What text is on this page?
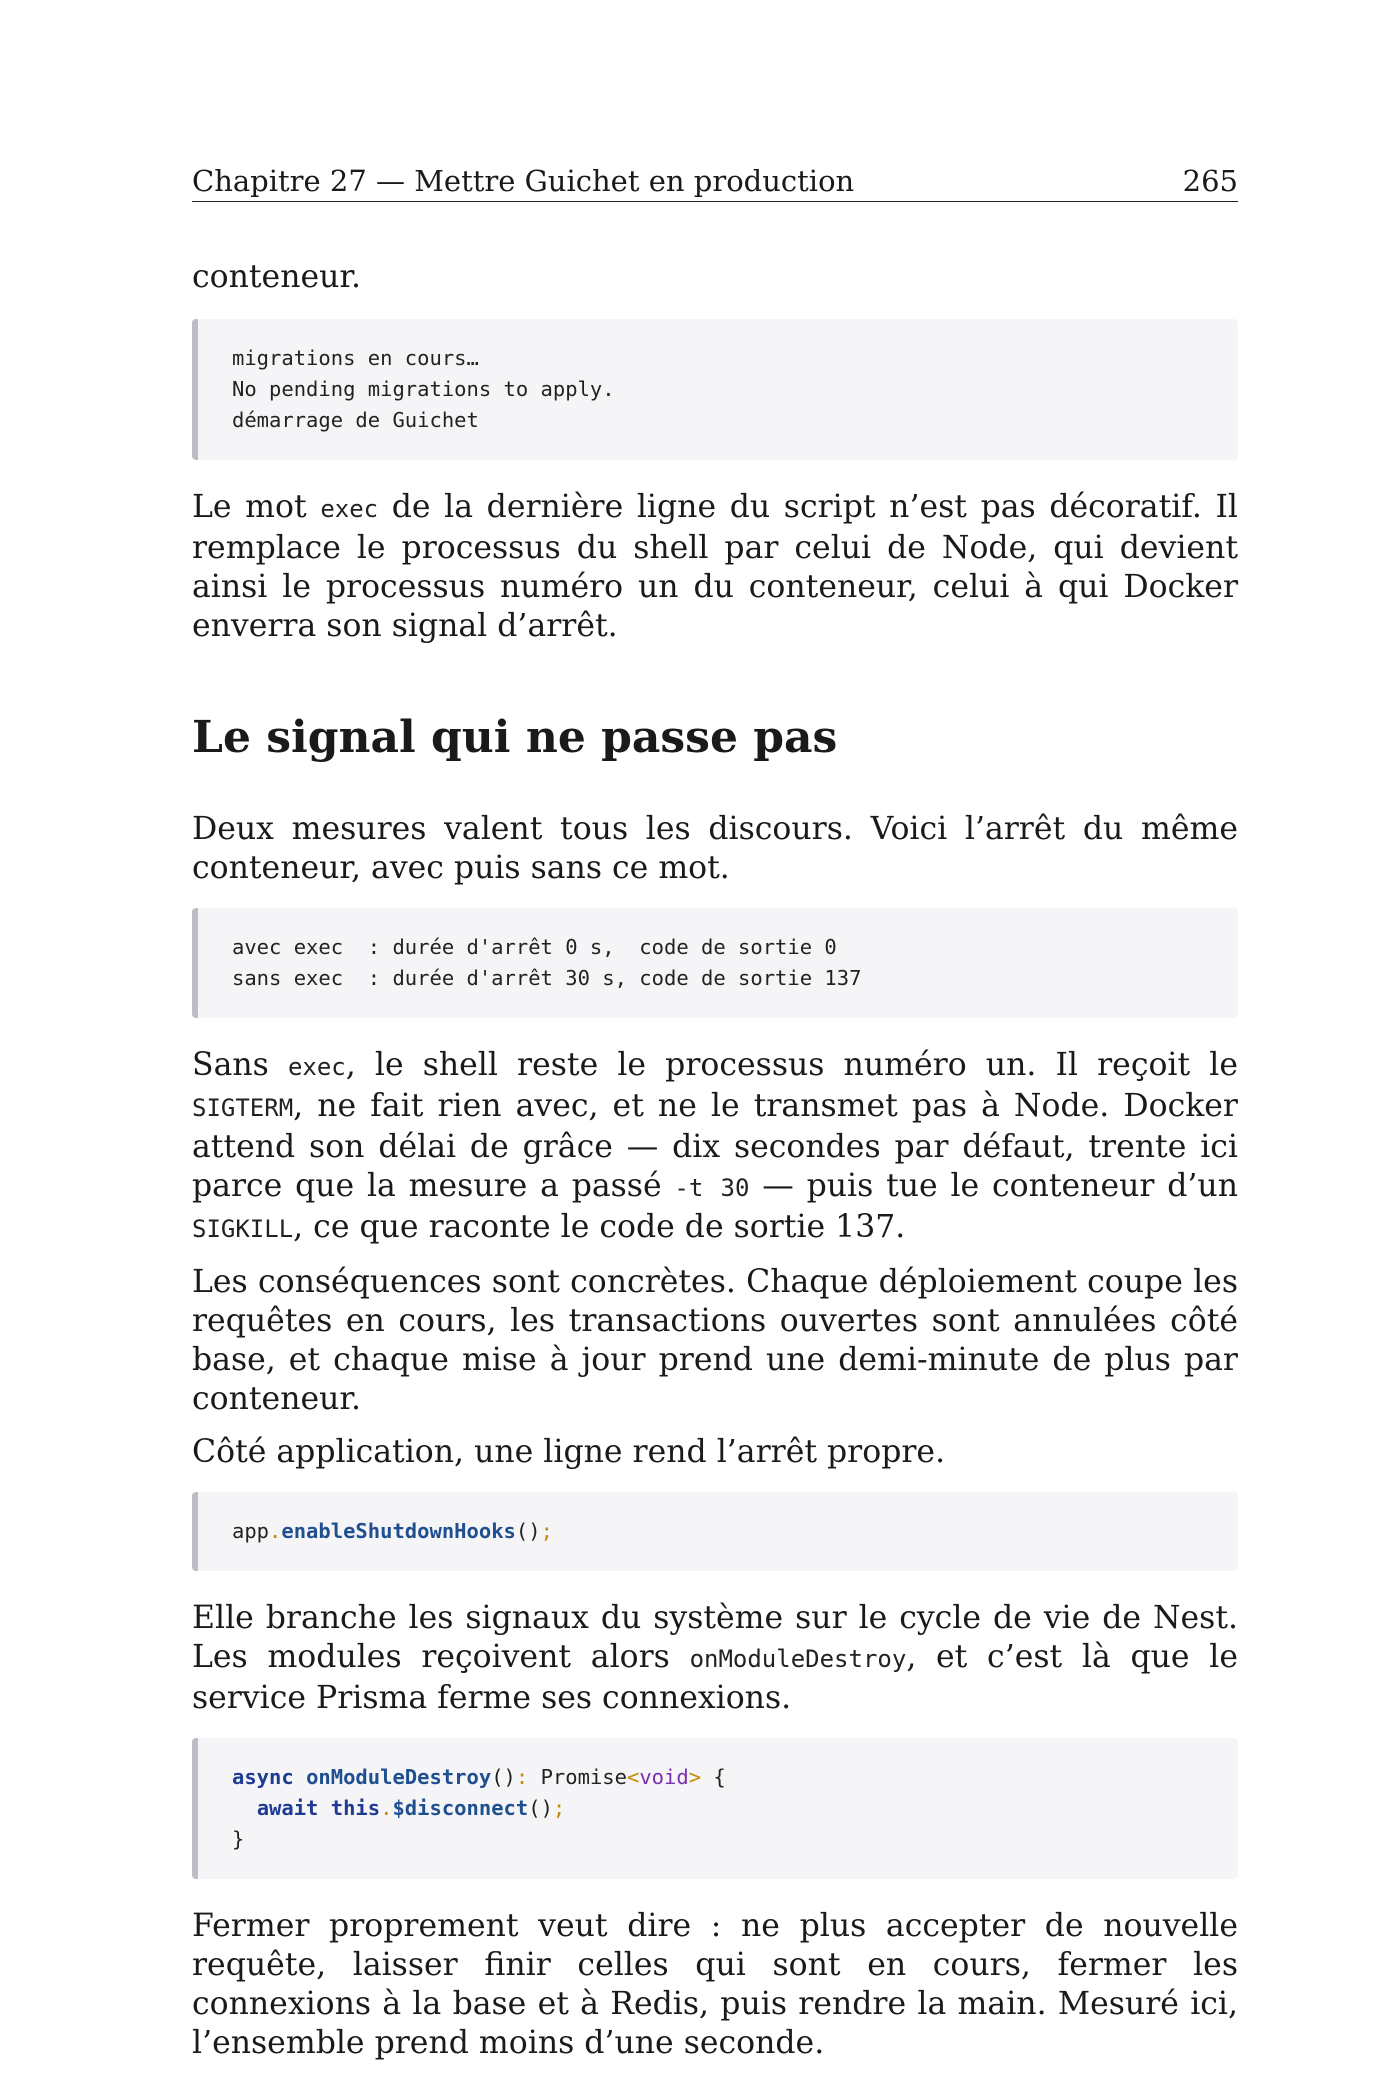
Chapitre 27 — Mettre Guichet en production	265

conteneur.

migrations en cours…
No pending migrations to apply.
démarrage de Guichet

Le mot exec de la dernière ligne du script n’est pas décoratif. Il remplace le processus du shell par celui de Node, qui devient ainsi le processus numéro un du conteneur, celui à qui Docker enverra son signal d’arrêt.

Le signal qui ne passe pas

Deux mesures valent tous les discours. Voici l’arrêt du même conteneur, avec puis sans ce mot.

avec exec  : durée d'arrêt 0 s,  code de sortie 0
sans exec  : durée d'arrêt 30 s, code de sortie 137

Sans exec, le shell reste le processus numéro un. Il reçoit le SIGTERM, ne fait rien avec, et ne le transmet pas à Node. Docker attend son délai de grâce — dix secondes par défaut, trente ici parce que la mesure a passé -t 30 — puis tue le conteneur d’un SIGKILL, ce que raconte le code de sortie 137.

Les conséquences sont concrètes. Chaque déploiement coupe les requêtes en cours, les transactions ouvertes sont annulées côté base, et chaque mise à jour prend une demi-minute de plus par conteneur.

Côté application, une ligne rend l’arrêt propre.

app.enableShutdownHooks();

Elle branche les signaux du système sur le cycle de vie de Nest. Les modules reçoivent alors onModuleDestroy, et c’est là que le service Prisma ferme ses connexions.

async onModuleDestroy(): Promise<void> {
await this.$disconnect();
}

Fermer proprement veut dire : ne plus accepter de nouvelle requête, laisser finir celles qui sont en cours, fermer les connexions à la base et à Redis, puis rendre la main. Mesuré ici, l’ensemble prend moins d’une seconde.
